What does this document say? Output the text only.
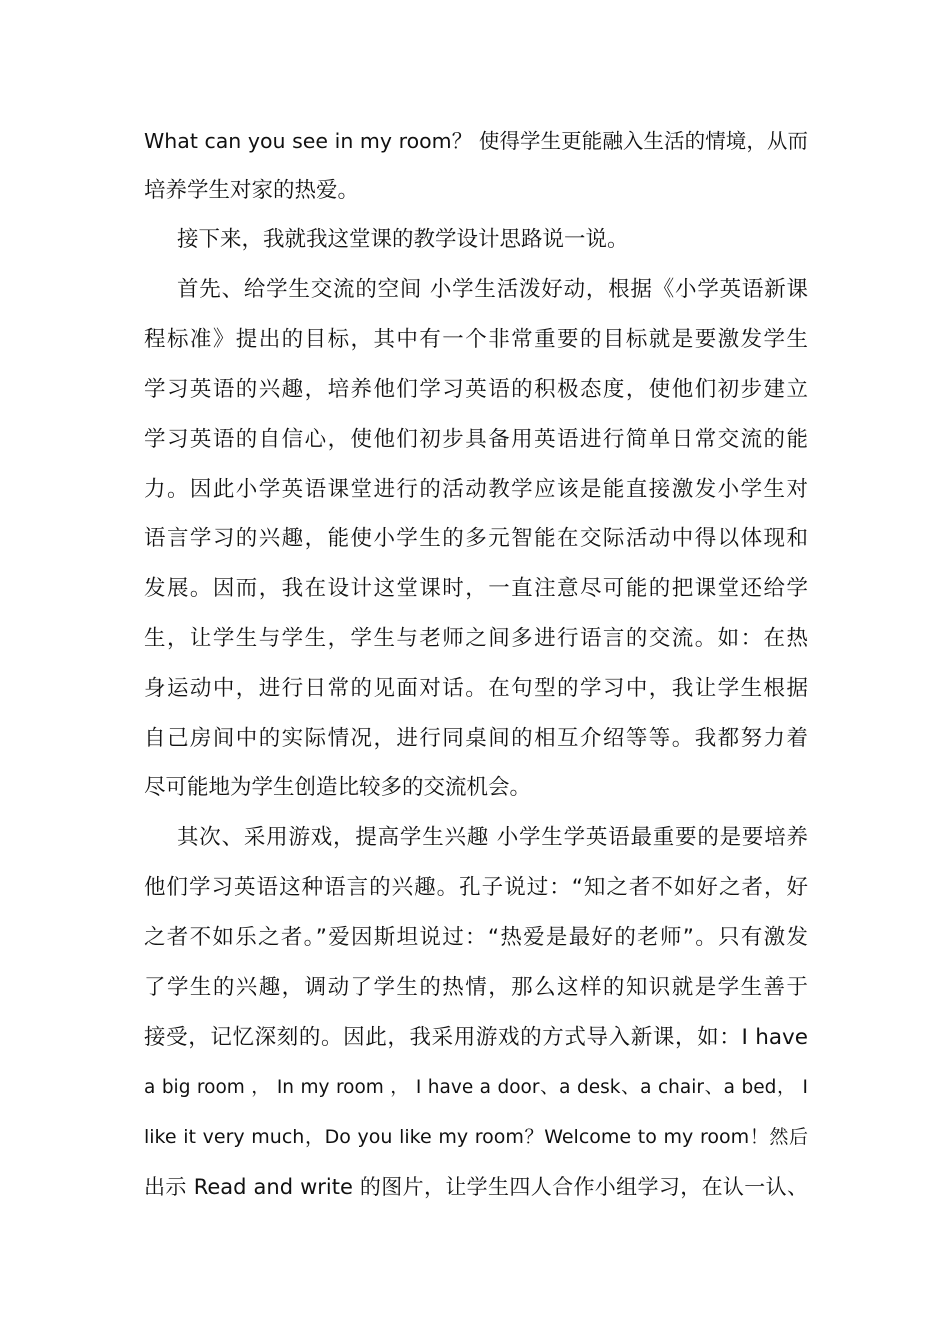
What can you see in my room？ 使得学生更能融入生活的情境，从而
培养学生对家的热爱。
接下来，我就我这堂课的教学设计思路说一说。
首先、给学生交流的空间 小学生活泼好动，根据《小学英语新课
程标准》提出的目标，其中有一个非常重要的目标就是要激发学生
学习英语的兴趣，培养他们学习英语的积极态度，使他们初步建立
学习英语的自信心，使他们初步具备用英语进行简单日常交流的能
力。因此小学英语课堂进行的活动教学应该是能直接激发小学生对
语言学习的兴趣，能使小学生的多元智能在交际活动中得以体现和
发展。因而，我在设计这堂课时，一直注意尽可能的把课堂还给学
生，让学生与学生，学生与老师之间多进行语言的交流。如：在热
身运动中，进行日常的见面对话。在句型的学习中，我让学生根据
自己房间中的实际情况，进行同桌间的相互介绍等等。我都努力着
尽可能地为学生创造比较多的交流机会。
其次、采用游戏，提高学生兴趣 小学生学英语最重要的是要培养
他们学习英语这种语言的兴趣。孔子说过：“知之者不如好之者，好
之者不如乐之者。”爱因斯坦说过：“热爱是最好的老师”。只有激发
了学生的兴趣，调动了学生的热情，那么这样的知识就是学生善于
接受，记忆深刻的。因此，我采用游戏的方式导入新课，如：I have
a big room ， In my room ， I have a door、a desk、a chair、a bed， I
like it very much，Do you like my room？Welcome to my room！然后
出示 Read and write 的图片，让学生四人合作小组学习，在认一认、
